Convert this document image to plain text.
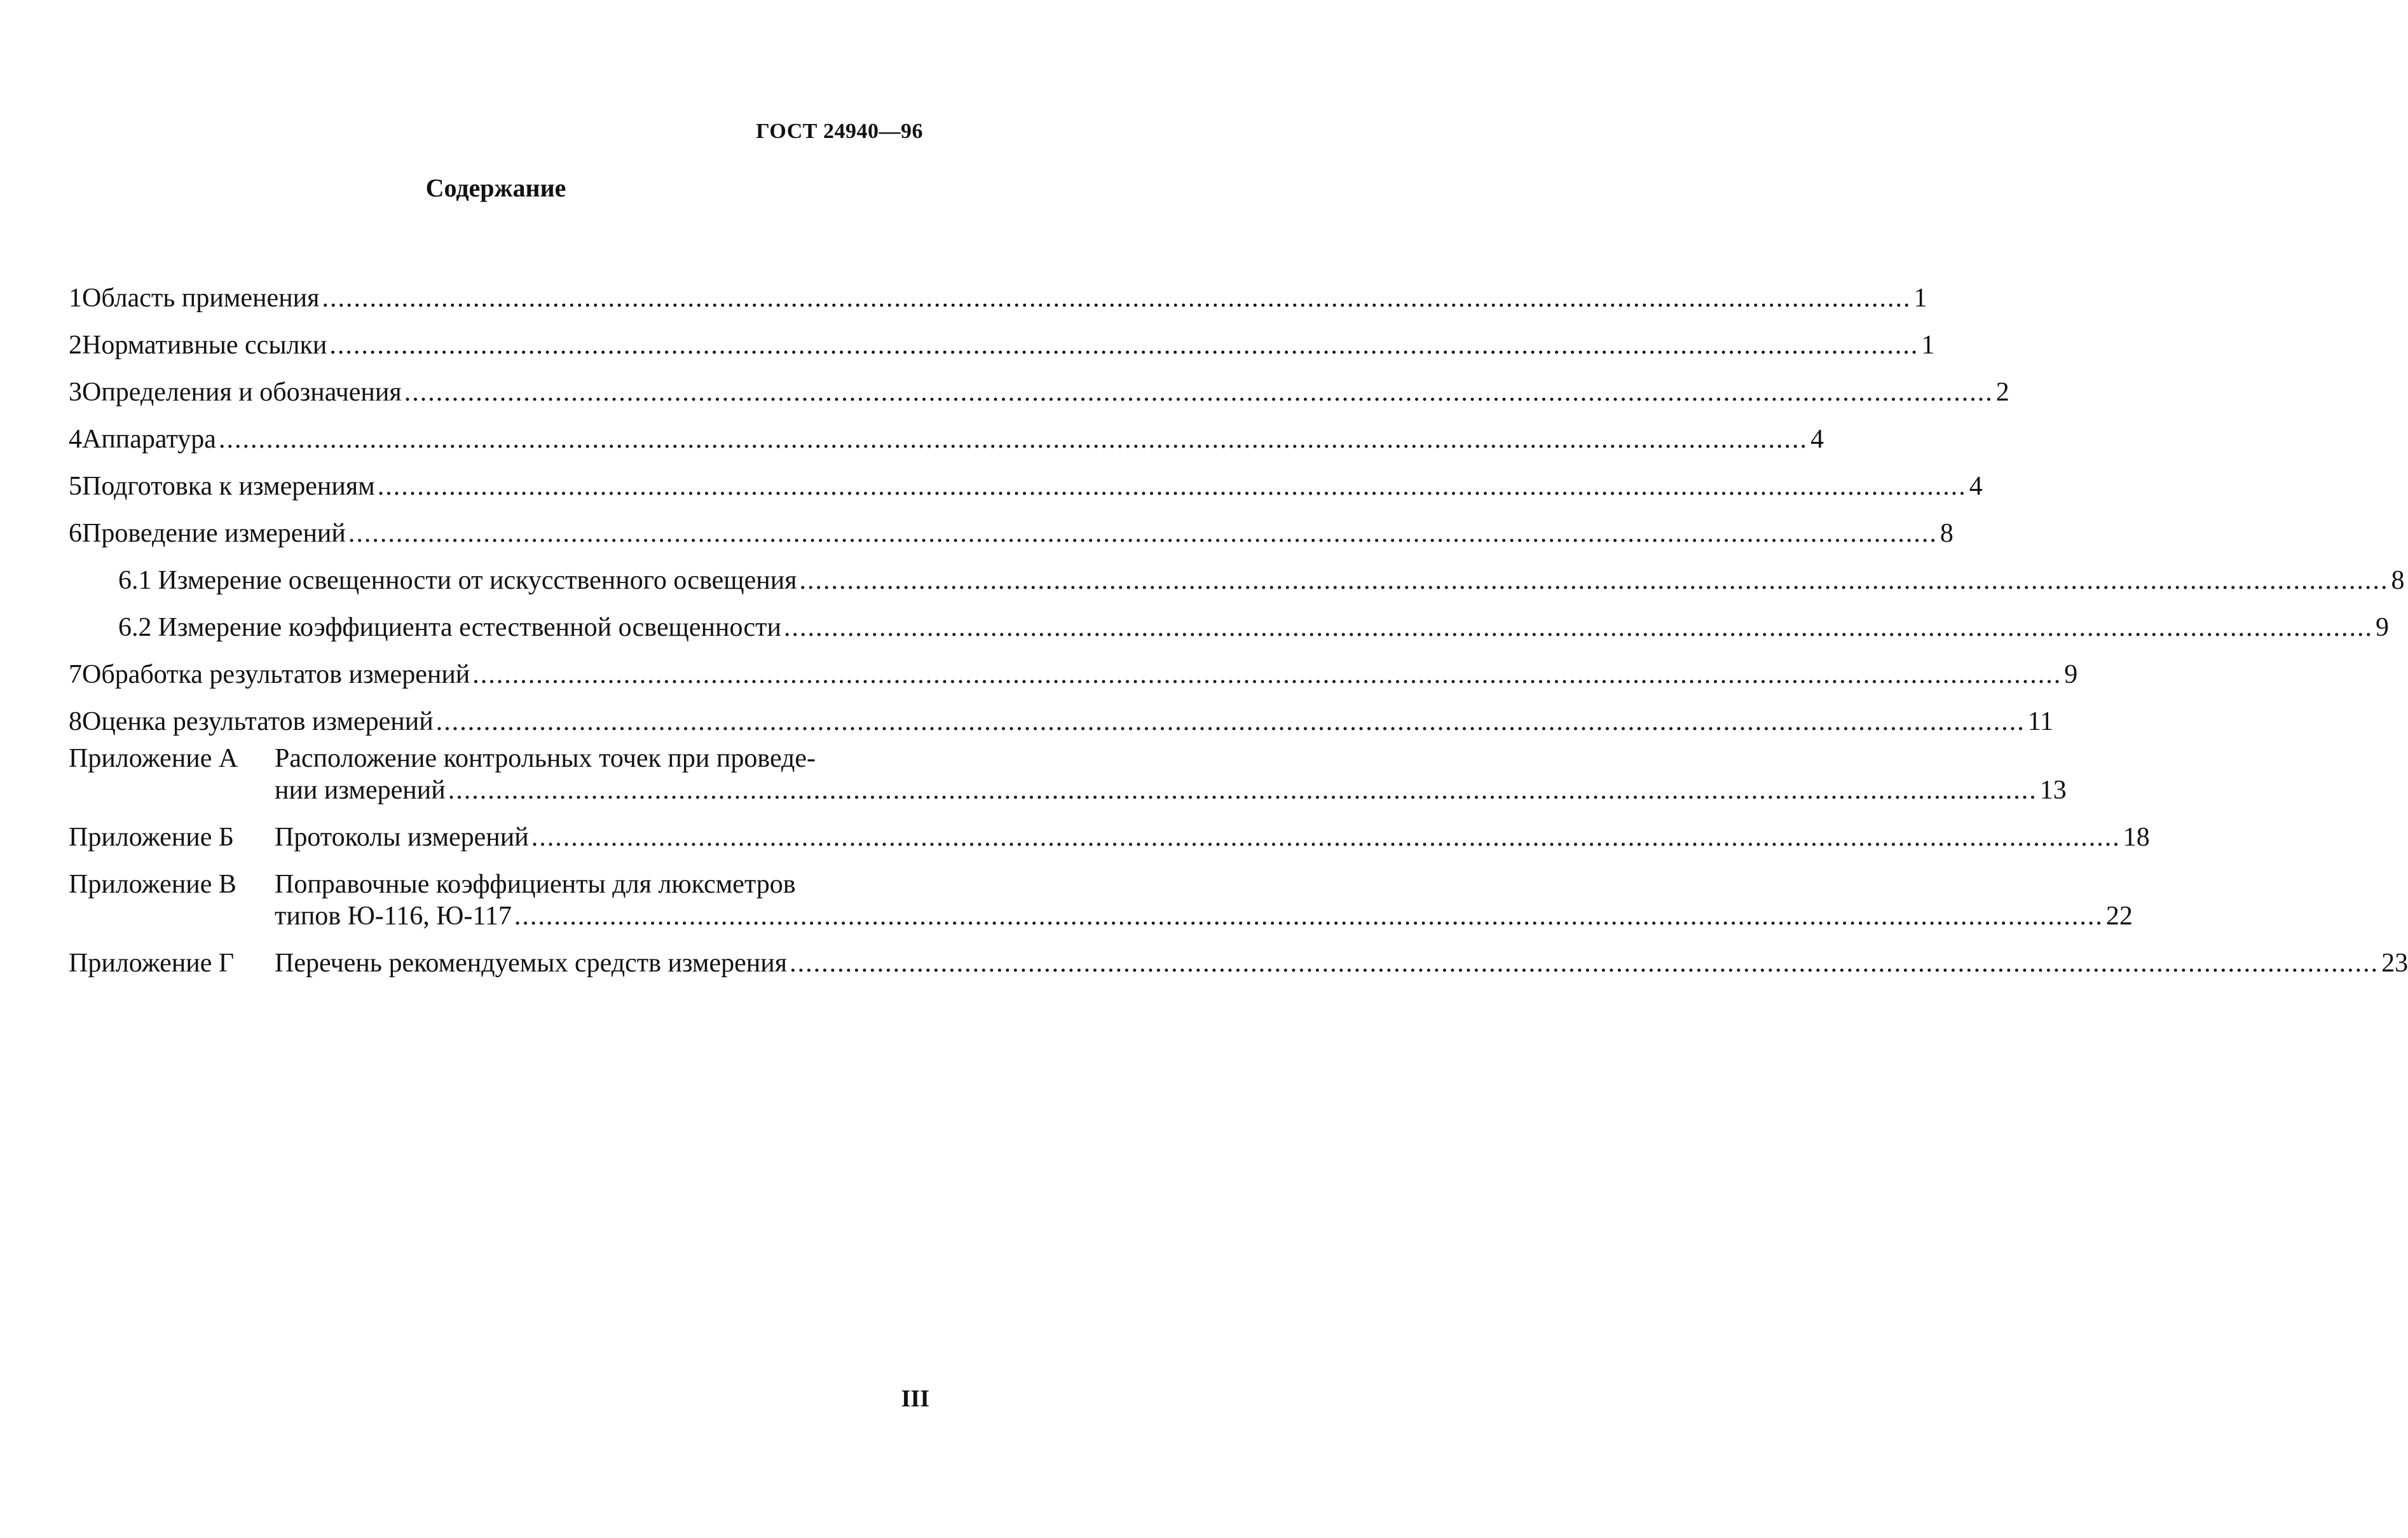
ГОСТ 24940—96
Содержание
1 Область применения .....	1
2 Нормативные ссылки .....	1
3 Определения и обозначения .....	2
4 Аппаратура .....	4
5 Подготовка к измерениям .....	4
6 Проведение измерений .....	8
6.1 Измерение освещенности от искусственного освещения .....	8
6.2 Измерение коэффициента естественной освещенности .....	9
7 Обработка результатов измерений .....	9
8 Оценка результатов измерений .....	11
Приложение А	Расположение контрольных точек при проведе-
нии измерений .....	13
Приложение Б	Протоколы измерений .....	18
Приложение В	Поправочные коэффициенты для люксметров
типов Ю-116, Ю-117 .....	22
Приложение Г	Перечень рекомендуемых средств измерения .....	23
III
